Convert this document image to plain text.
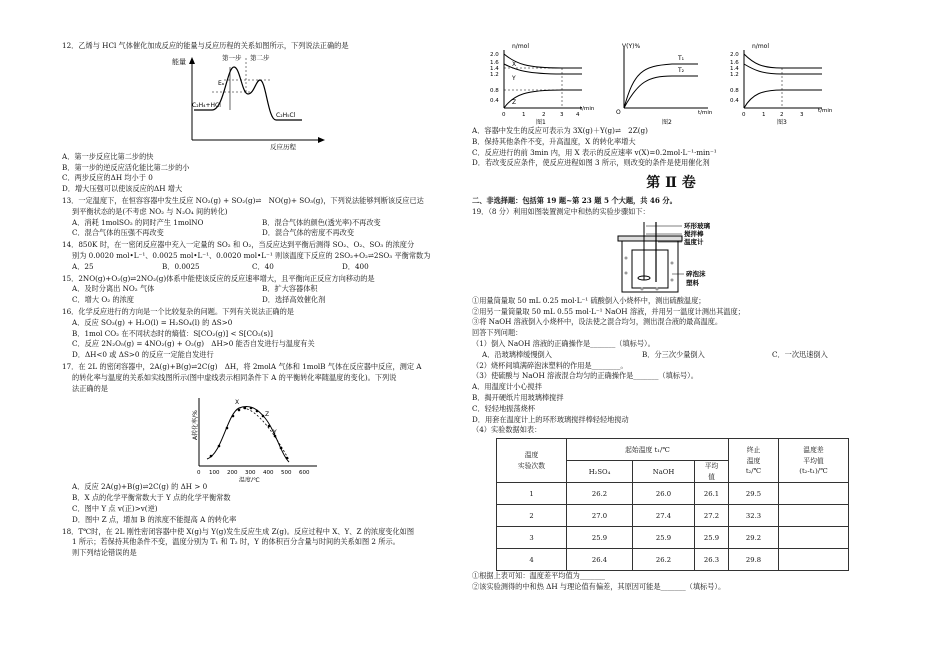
12．乙烯与 HCl 气体催化加成反应的能量与反应历程的关系如图所示，下列说法正确的是

能量	第一步 第二步
C₂H₄+HCl
C₂H₅Cl
Eₐ
反应历程

A．第一步反应比第二步的快

B．第一步的逆反应活化能比第二步的小

C．两步反应的ΔH 均小于 0

D．增大压强可以使该反应的ΔH 增大

13．一定温度下，在恒容容器中发生反应 NO₂(g) + SO₂(g)⇌　NO(g)+ SO₃(g)，下列说法能够判断该反应已达

到平衡状态的是(不考虑 NO₂ 与 N₂O₄ 间的转化)

A．消耗 1molSO₂ 的同时产生 1molNO	B．混合气体的颜色(透光率)不再改变

C．混合气体的压强不再改变	D．混合气体的密度不再改变

14．850K 时，在一密闭反应器中充入一定量的 SO₂ 和 O₂，当反应达到平衡后测得 SO₂、O₂、SO₃ 的浓度分

别为 0.0020 mol•L⁻¹、0.0025 mol•L⁻¹、0.0020 mol•L⁻¹ 则该温度下反应的 2SO₂+O₂⇌2SO₃ 平衡常数为

A．25	B．0.0025	C．40	D．400

15．2NO(g)+O₂(g)⇌2NO₂(g)体系中能使该反应的反应速率增大，且平衡向正反应方向移动的是

A．及时分离出 NO₂ 气体	B．扩大容器体积

C．增大 O₂ 的浓度	D．选择高效催化剂

16．化学反应进行的方向是一个比较复杂的问题。下列有关说法正确的是

A．反应 SO₃(g) + H₂O(l) = H₂SO₄(l) 的 ΔS>0

B．1mol CO₂ 在不同状态时的熵值：S[CO₂(g)] < S[CO₂(s)]

C．反应 2N₂O₅(g) = 4NO₂(g) + O₂(g)　ΔH>0 能否自发进行与温度有关

D．ΔH<0 或 ΔS>0 的反应一定能自发进行

17．在 2L 的密闭容器中，2A(g)+B(g)⇌2C(g)　ΔH，将 2molA 气体和 1molB 气体在反应器中反应，测定 A

的转化率与温度的关系如实线图所示(图中虚线表示相同条件下 A 的平衡转化率随温度的变化)。下列说

法正确的是

A转化率/%
X
Z
Y
0 100 200 300 400 500 600
温度/℃

A．反应 2A(g)+B(g)⇌2C(g) 的 ΔH > 0

B．X 点的化学平衡常数大于 Y 点的化学平衡常数

C．图中 Y 点 v(正)>v(逆)

D．图中 Z 点，增加 B 的浓度不能提高 A 的转化率

18．T℃时，在 2L 刚性密闭容器中使 X(g)与 Y(g)发生反应生成 Z(g)。反应过程中 X、Y、Z 的浓度变化如图

1 所示；若保持其他条件不变，温度分别为 T₁ 和 T₂ 时，Y 的体积百分含量与时间的关系如图 2 所示。

则下列结论错误的是

n/mol
2.0
1.6
1.4
1.2
0.8
0.4
X
Y
Z
0	1	2	3 4
t/min
图1
V(Y)%
T₁
T₂
O	t/min
图2
n/mol
2.0
1.6
1.4
1.2
0.8
0.4
0	1	2	3
t/min
图3

A．容器中发生的反应可表示为 3X(g)＋Y(g)⇌　2Z(g)

B．保持其他条件不变，升高温度，X 的转化率增大

C．反应进行的前 3min 内，用 X 表示的反应速率 v(X)=0.2mol·L⁻¹·min⁻¹

D．若改变反应条件，使反应进程如图 3 所示，则改变的条件是使用催化剂

第 Ⅱ 卷

二、非选择题：包括第 19 题~第 23 题 5 个大题，共 46 分。

19．（8 分）利用如图装置测定中和热的实验步骤如下：

环形玻璃
搅拌棒
温度计
碎泡沫
塑料

①用量筒量取 50 mL 0.25 mol·L⁻¹ 硫酸倒入小烧杯中，测出硫酸温度；

②用另一量筒量取 50 mL 0.55 mol·L⁻¹ NaOH 溶液，并用另一温度计测出其温度；

③将 NaOH 溶液倒入小烧杯中，设法使之混合均匀，测出混合液的最高温度。

回答下列问题：

（1）倒入 NaOH 溶液的正确操作是_______（填标号）。

A．沿玻璃棒缓慢倒入	B．分三次少量倒入	C．一次迅速倒入

（2）烧杯间填满碎泡沫塑料的作用是________。

（3）使硫酸与 NaOH 溶液混合均匀的正确操作是_______（填标号）。

A．用温度计小心搅拌

B．揭开硬纸片用玻璃棒搅拌

C．轻轻地振荡烧杯

D．用套在温度计上的环形玻璃搅拌棒轻轻地搅动

（4）实验数据如表：

温度
实验次数	起始温度 t₁/℃			终止
温度
t₂/℃	温度差
平均值
(t₂-t₁)/℃
	H₂SO₄	NaOH	平均
值		
1	26.2	26.0	26.1	29.5	
2	27.0	27.4	27.2	32.3	
3	25.9	25.9	25.9	29.2	
4	26.4	26.2	26.3	29.8	

①根据上表可知：温度差平均值为_______

②该实验测得的中和热 ΔH 与理论值有偏差，其原因可能是_______（填标号）。
